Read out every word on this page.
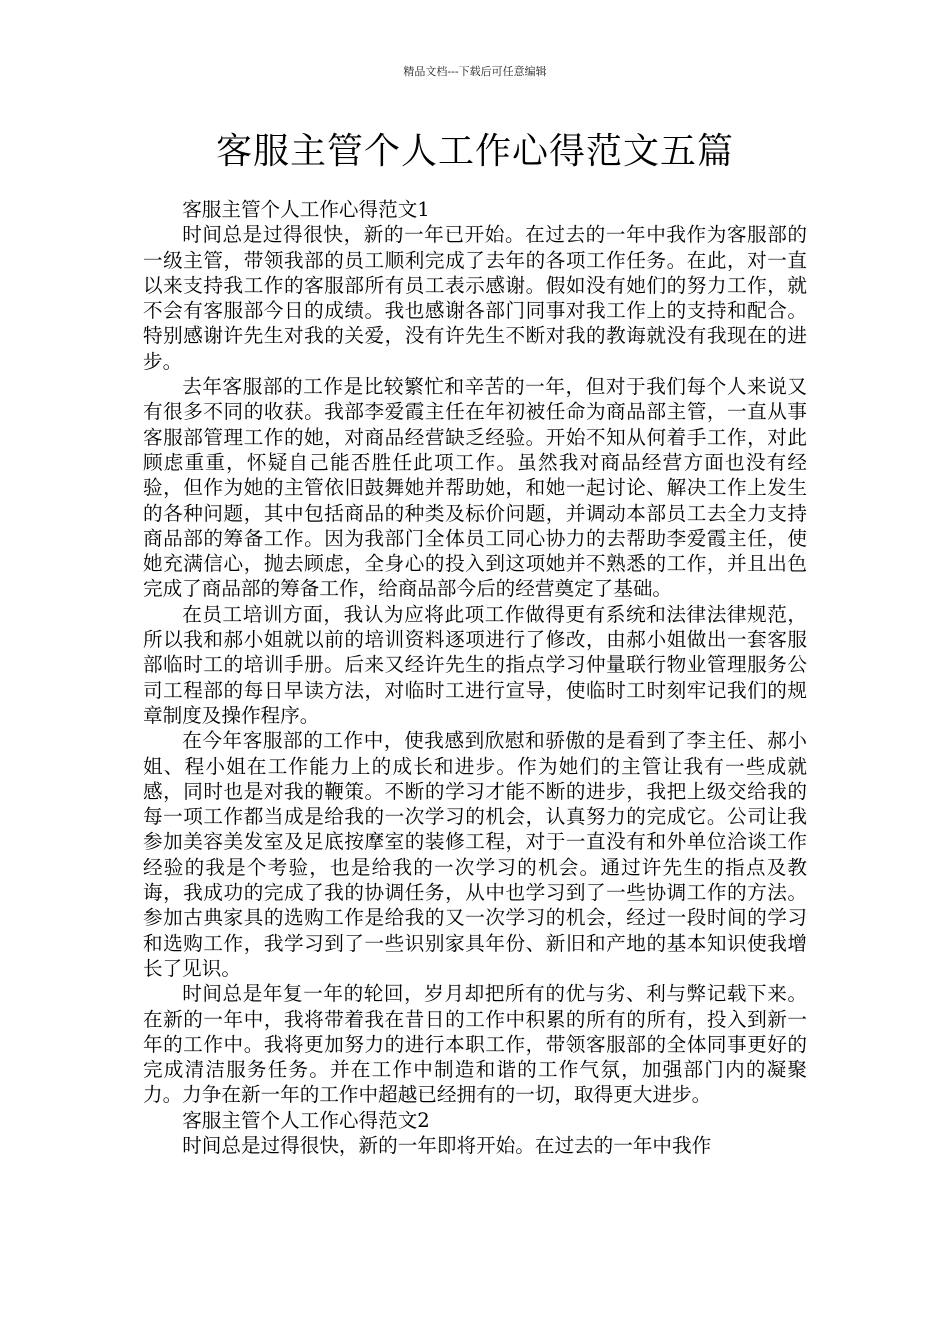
精品文档---下载后可任意编辑
客服主管个人工作心得范文五篇

客服主管个人工作心得范文1

时间总是过得很快，新的一年已开始。在过去的一年中我作为客服部的一级主管，带领我部的员工顺利完成了去年的各项工作任务。在此，对一直以来支持我工作的客服部所有员工表示感谢。假如没有她们的努力工作，就不会有客服部今日的成绩。我也感谢各部门同事对我工作上的支持和配合。特别感谢许先生对我的关爱，没有许先生不断对我的教诲就没有我现在的进步。

去年客服部的工作是比较繁忙和辛苦的一年，但对于我们每个人来说又有很多不同的收获。我部李爱霞主任在年初被任命为商品部主管，一直从事客服部管理工作的她，对商品经营缺乏经验。开始不知从何着手工作，对此顾虑重重，怀疑自己能否胜任此项工作。虽然我对商品经营方面也没有经验，但作为她的主管依旧鼓舞她并帮助她，和她一起讨论、解决工作上发生的各种问题，其中包括商品的种类及标价问题，并调动本部员工去全力支持商品部的筹备工作。因为我部门全体员工同心协力的去帮助李爱霞主任，使她充满信心，抛去顾虑，全身心的投入到这项她并不熟悉的工作，并且出色完成了商品部的筹备工作，给商品部今后的经营奠定了基础。

在员工培训方面，我认为应将此项工作做得更有系统和法律法律规范，所以我和郝小姐就以前的培训资料逐项进行了修改，由郝小姐做出一套客服部临时工的培训手册。后来又经许先生的指点学习仲量联行物业管理服务公司工程部的每日早读方法，对临时工进行宣导，使临时工时刻牢记我们的规章制度及操作程序。

在今年客服部的工作中，使我感到欣慰和骄傲的是看到了李主任、郝小姐、程小姐在工作能力上的成长和进步。作为她们的主管让我有一些成就感，同时也是对我的鞭策。不断的学习才能不断的进步，我把上级交给我的每一项工作都当成是给我的一次学习的机会，认真努力的完成它。公司让我参加美容美发室及足底按摩室的装修工程，对于一直没有和外单位洽谈工作经验的我是个考验，也是给我的一次学习的机会。通过许先生的指点及教诲，我成功的完成了我的协调任务，从中也学习到了一些协调工作的方法。参加古典家具的选购工作是给我的又一次学习的机会，经过一段时间的学习和选购工作，我学习到了一些识别家具年份、新旧和产地的基本知识使我增长了见识。

时间总是年复一年的轮回，岁月却把所有的优与劣、利与弊记载下来。在新的一年中，我将带着我在昔日的工作中积累的所有的所有，投入到新一年的工作中。我将更加努力的进行本职工作，带领客服部的全体同事更好的完成清洁服务任务。并在工作中制造和谐的工作气氛，加强部门内的凝聚力。力争在新一年的工作中超越已经拥有的一切，取得更大进步。

客服主管个人工作心得范文2

时间总是过得很快，新的一年即将开始。在过去的一年中我作
